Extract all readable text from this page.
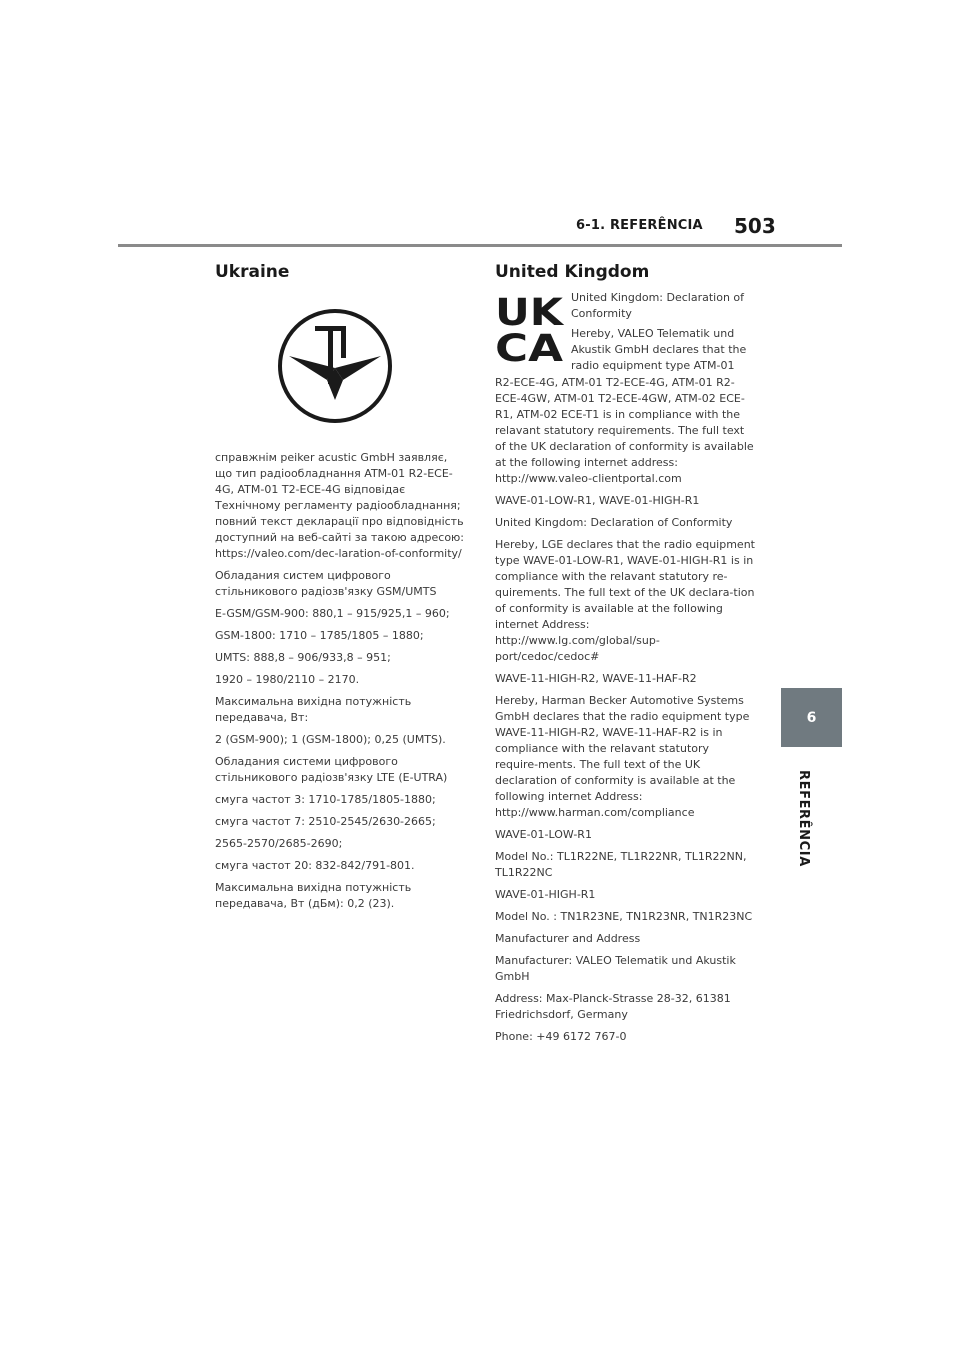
6-1. REFERÊNCIA 503
6
REFERÊNCIA
Ukraine

справжнім peiker acustic GmbH заявляє, що тип радіообладнання ATM-01 R2-ECE-4G, ATM-01 T2-ECE-4G відповідає Технічному регламенту радіообладнання; повний текст декларації про відповідність доступний на веб-сайті за такою адресою: https://valeo.com/dec-laration-of-conformity/

Обладания систем цифрового стільникового радіозв'язку GSM/UMTS

E-GSM/GSM-900: 880,1 – 915/925,1 – 960;

GSM-1800: 1710 – 1785/1805 – 1880;

UMTS: 888,8 – 906/933,8 – 951;

1920 – 1980/2110 – 2170.

Максимальна вихідна потужність передавача, Вт:

2 (GSM-900); 1 (GSM-1800); 0,25 (UMTS).

Обладания системи цифрового стільникового радіозв'язку LTE (E-UTRA)

смуга частот 3: 1710-1785/1805-1880;

смуга частот 7: 2510-2545/2630-2665;

2565-2570/2685-2690;

смуга частот 20: 832-842/791-801.

Максимальна вихідна потужність передавача, Вт (дБм): 0,2 (23).

United Kingdom
UK
CA

United Kingdom: Declaration of Conformity

Hereby, VALEO Telematik und Akustik GmbH declares that the radio equipment type ATM-01

R2-ECE-4G, ATM-01 T2-ECE-4G, ATM-01 R2-ECE-4GW, ATM-01 T2-ECE-4GW, ATM-02 ECE-R1, ATM-02 ECE-T1 is in compliance with the relavant statutory requirements. The full text of the UK declaration of conformity is available at the following internet address: http://www.valeo-clientportal.com

WAVE-01-LOW-R1, WAVE-01-HIGH-R1

United Kingdom: Declaration of Conformity

Hereby, LGE declares that the radio equipment type WAVE-01-LOW-R1, WAVE-01-HIGH-R1 is in compliance with the relavant statutory re-quirements. The full text of the UK declara-tion of conformity is available at the following internet Address: http://www.lg.com/global/sup-port/cedoc/cedoc#

WAVE-11-HIGH-R2, WAVE-11-HAF-R2

Hereby, Harman Becker Automotive Systems GmbH declares that the radio equipment type WAVE-11-HIGH-R2, WAVE-11-HAF-R2 is in compliance with the relavant statutory require-ments. The full text of the UK declaration of conformity is available at the following internet Address: http://www.harman.com/compliance

WAVE-01-LOW-R1

Model No.: TL1R22NE, TL1R22NR, TL1R22NN, TL1R22NC

WAVE-01-HIGH-R1

Model No. : TN1R23NE, TN1R23NR, TN1R23NC

Manufacturer and Address

Manufacturer: VALEO Telematik und Akustik GmbH

Address: Max-Planck-Strasse 28-32, 61381 Friedrichsdorf, Germany

Phone: +49 6172 767-0
